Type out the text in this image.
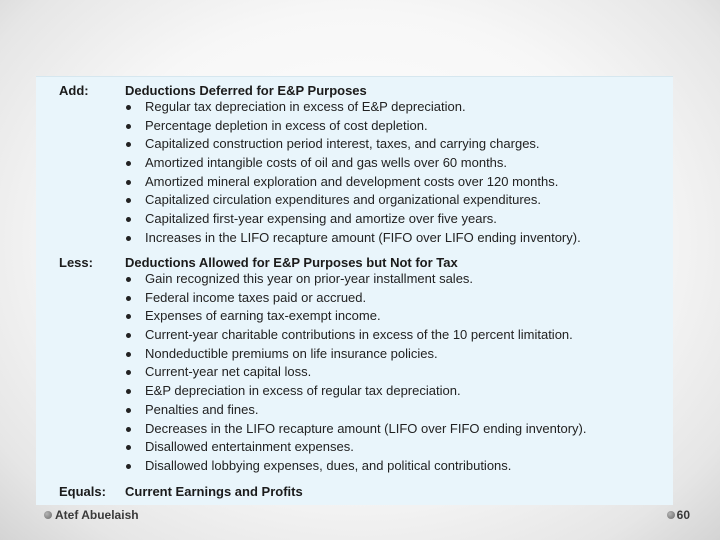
Add:	Deductions Deferred for E&P Purposes
Regular tax depreciation in excess of E&P depreciation.
Percentage depletion in excess of cost depletion.
Capitalized construction period interest, taxes, and carrying charges.
Amortized intangible costs of oil and gas wells over 60 months.
Amortized mineral exploration and development costs over 120 months.
Capitalized circulation expenditures and organizational expenditures.
Capitalized first-year expensing and amortize over five years.
Increases in the LIFO recapture amount (FIFO over LIFO ending inventory).
Less: Deductions Allowed for E&P Purposes but Not for Tax
Gain recognized this year on prior-year installment sales.
Federal income taxes paid or accrued.
Expenses of earning tax-exempt income.
Current-year charitable contributions in excess of the 10 percent limitation.
Nondeductible premiums on life insurance policies.
Current-year net capital loss.
E&P depreciation in excess of regular tax depreciation.
Penalties and fines.
Decreases in the LIFO recapture amount (LIFO over FIFO ending inventory).
Disallowed entertainment expenses.
Disallowed lobbying expenses, dues, and political contributions.
Equals: Current Earnings and Profits
Atef Abuelaish	60
